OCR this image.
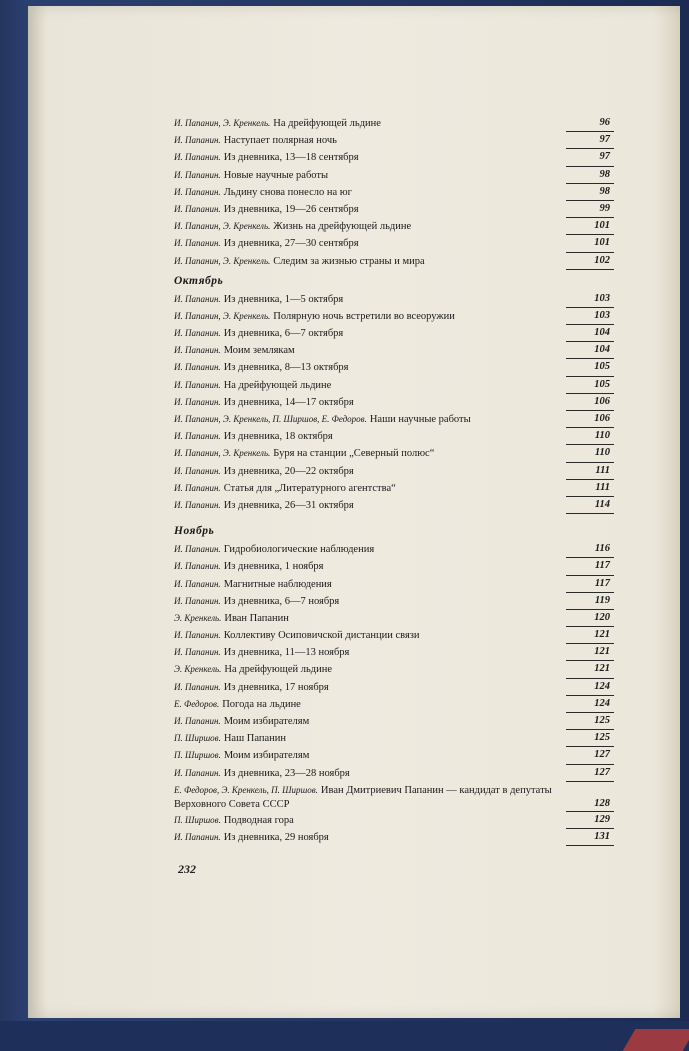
И. Папанин, Э. Кренкель. На дрейфующей льдине	96
И. Папанин. Наступает полярная ночь	97
И. Папанин. Из дневника, 13—18 сентября	97
И. Папанин. Новые научные работы	98
И. Папанин. Льдину снова понесло на юг	98
И. Папанин. Из дневника, 19—26 сентября	99
И. Папанин, Э. Кренкель. Жизнь на дрейфующей льдине	101
И. Папанин. Из дневника, 27—30 сентября	101
И. Папанин, Э. Кренкель. Следим за жизнью страны и мира	102
Октябрь
И. Папанин. Из дневника, 1—5 октября	103
И. Папанин, Э. Кренкель. Полярную ночь встретили во всеоружии	103
И. Папанин. Из дневника, 6—7 октября	104
И. Папанин. Моим землякам	104
И. Папанин. Из дневника, 8—13 октября	105
И. Папанин. На дрейфующей льдине	105
И. Папанин. Из дневника, 14—17 октября	106
И. Папанин, Э. Кренкель, П. Ширшов, Е. Федоров. Наши научные работы	106
И. Папанин. Из дневника, 18 октября	110
И. Папанин, Э. Кренкель. Буря на станции „Северный полюс“	110
И. Папанин. Из дневника, 20—22 октября	111
И. Папанин. Статья для „Литературного агентства“	111
И. Папанин. Из дневника, 26—31 октября	114
Ноябрь
И. Папанин. Гидробиологические наблюдения	116
И. Папанин. Из дневника, 1 ноября	117
И. Папанин. Магнитные наблюдения	117
И. Папанин. Из дневника, 6—7 ноября	119
Э. Кренкель. Иван Папанин	120
И. Папанин. Коллективу Осиповичской дистанции связи	121
И. Папанин. Из дневника, 11—13 ноября	121
Э. Кренкель. На дрейфующей льдине	121
И. Папанин. Из дневника, 17 ноября	124
Е. Федоров. Погода на льдине	124
И. Папанин. Моим избирателям	125
П. Ширшов. Наш Папанин	125
П. Ширшов. Моим избирателям	127
И. Папанин. Из дневника, 23—28 ноября	127
Е. Федоров, Э. Кренкель, П. Ширшов. Иван Дмитриевич Папанин — кандидат в депутаты Верховного Совета СССР	128
П. Ширшов. Подводная гора	129
И. Папанин. Из дневника, 29 ноября	131
232
